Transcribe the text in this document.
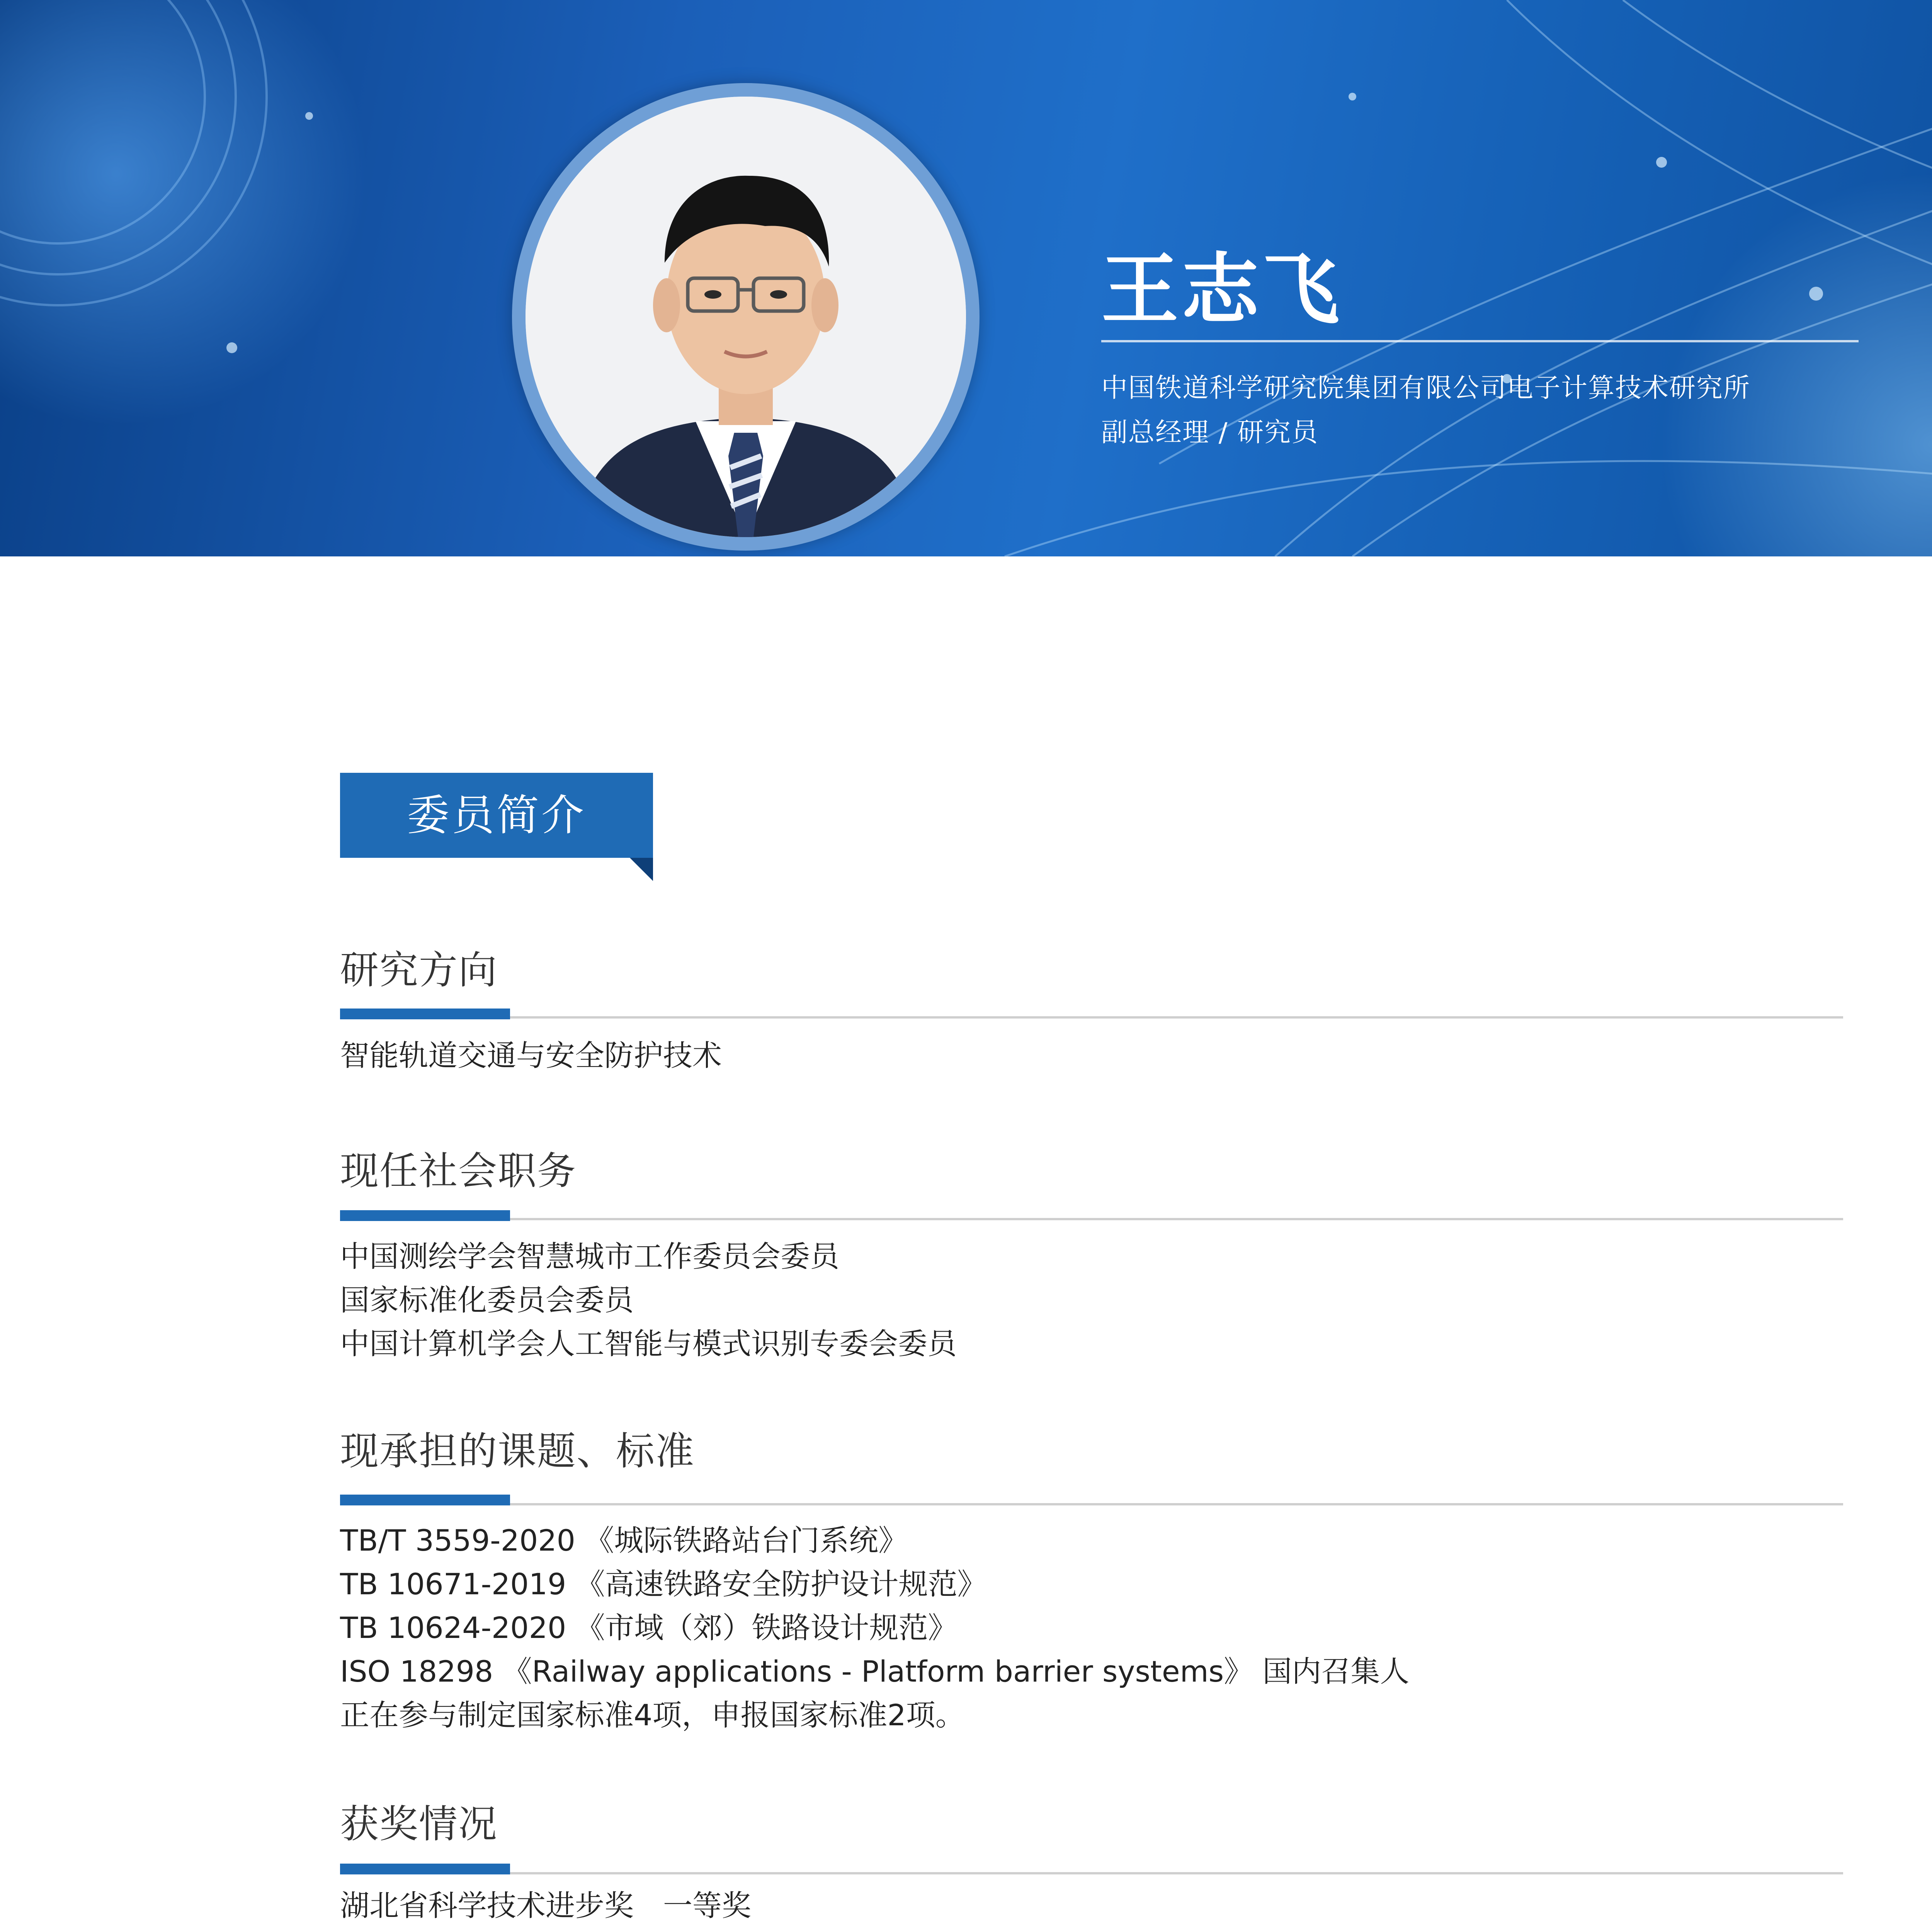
王志飞
中国铁道科学研究院集团有限公司电子计算技术研究所
副总经理 / 研究员
委员简介
研究方向
智能轨道交通与安全防护技术
现任社会职务
中国测绘学会智慧城市工作委员会委员
国家标准化委员会委员
中国计算机学会人工智能与模式识别专委会委员
现承担的课题、标准
TB/T 3559-2020 《城际铁路站台门系统》
TB 10671-2019 《高速铁路安全防护设计规范》
TB 10624-2020 《市域（郊）铁路设计规范》
ISO 18298 《Railway applications - Platform barrier systems》 国内召集人
正在参与制定国家标准4项，申报国家标准2项。
获奖情况
湖北省科学技术进步奖　一等奖
